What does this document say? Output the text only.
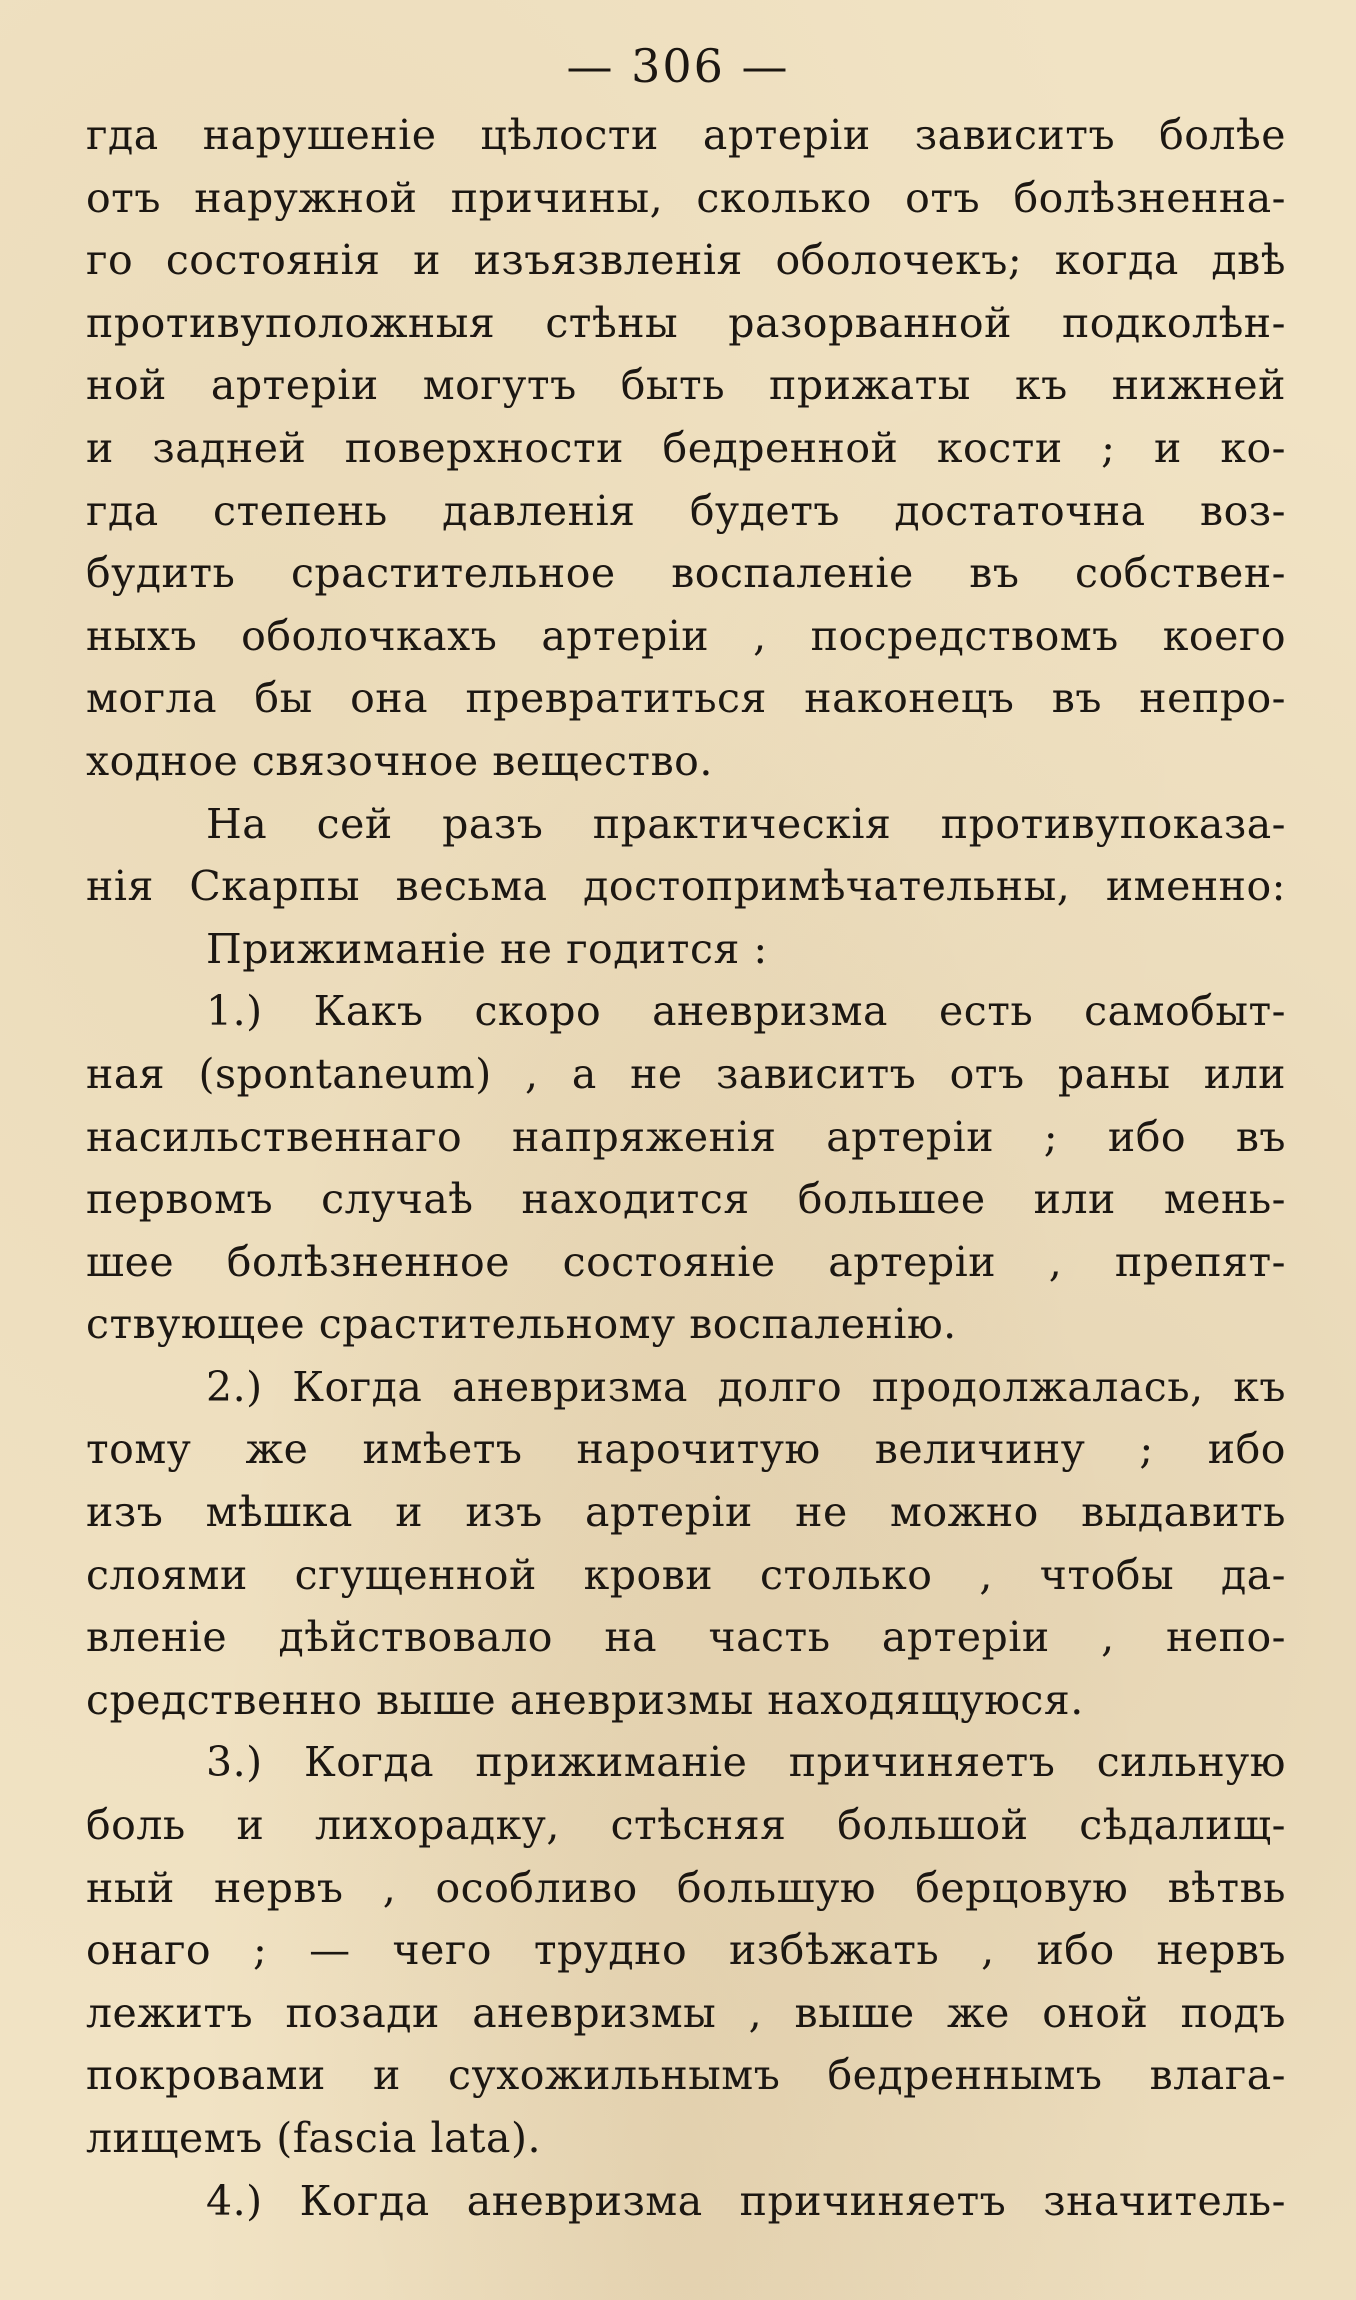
— 306 —
гда нарушеніе цѣлости артеріи зависитъ болѣе
отъ наружной причины, сколько отъ болѣзненна-
го состоянія и изъязвленія оболочекъ; когда двѣ
противуположныя стѣны разорванной подколѣн-
ной артеріи могутъ быть прижаты къ нижней
и задней поверхности бедренной кости ; и ко-
гда степень давленія будетъ достаточна воз-
будить срастительное воспаленіе въ собствен-
ныхъ оболочкахъ артеріи , посредствомъ коего
могла бы она превратиться наконецъ въ непро-
ходное связочное вещество.
На сей разъ практическія противупоказа-
нія Скарпы весьма достопримѣчательны, именно:
Прижиманіе не годится :
1.) Какъ скоро аневризма есть самобыт-
ная (spontaneum) , а не зависитъ отъ раны или
насильственнаго напряженія артеріи ; ибо въ
первомъ случаѣ находится большее или мень-
шее болѣзненное состояніе артеріи , препят-
ствующее срастительному воспаленію.
2.) Когда аневризма долго продолжалась, къ
тому же имѣетъ нарочитую величину ; ибо
изъ мѣшка и изъ артеріи не можно выдавить
слоями сгущенной крови столько , чтобы да-
вленіе дѣйствовало на часть артеріи , непо-
средственно выше аневризмы находящуюся.
3.) Когда прижиманіе причиняетъ сильную
боль и лихорадку, стѣсняя большой сѣдалищ-
ный нервъ , особливо большую берцовую вѣтвь
онаго ; — чего трудно избѣжать , ибо нервъ
лежитъ позади аневризмы , выше же оной подъ
покровами и сухожильнымъ бедреннымъ влага-
лищемъ (fascia lata).
4.) Когда аневризма причиняетъ значитель-
